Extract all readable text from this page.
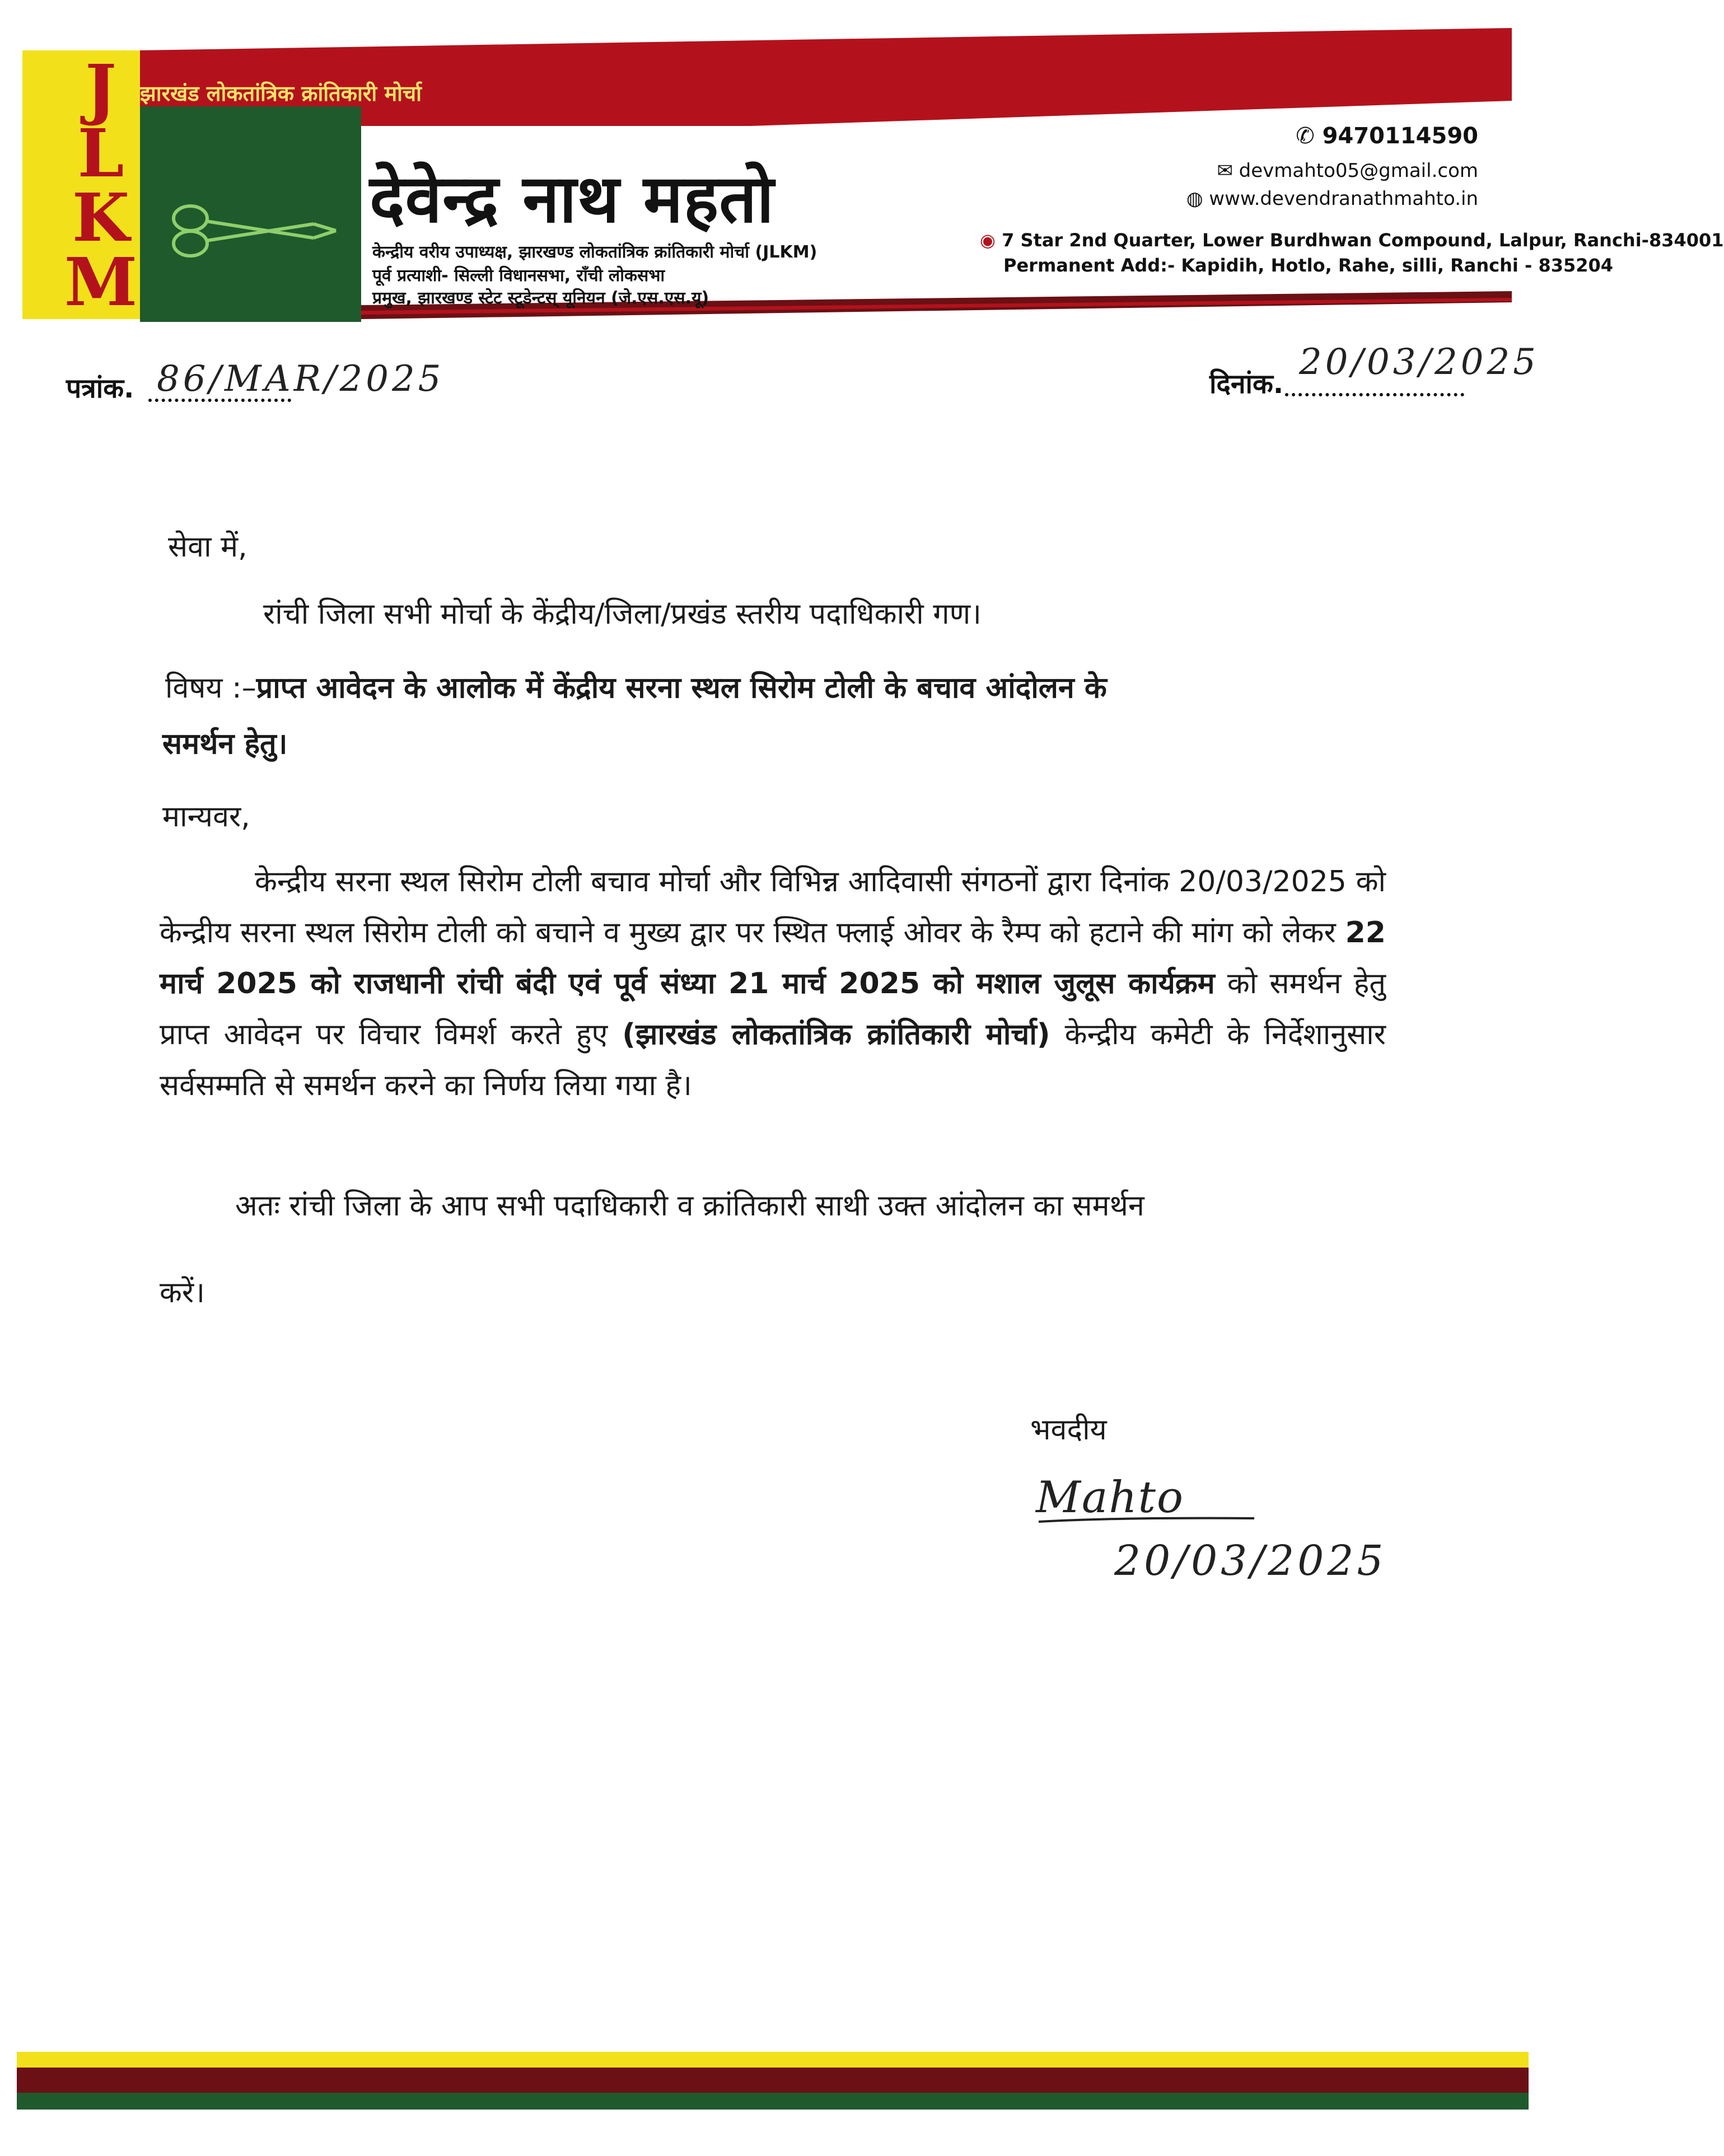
J
L
K
M
झारखंड लोकतांत्रिक क्रांतिकारी मोर्चा
देवेन्द्र नाथ महतो
केन्द्रीय वरीय उपाध्यक्ष, झारखण्ड लोकतांत्रिक क्रांतिकारी मोर्चा (JLKM)
पूर्व प्रत्याशी- सिल्ली विधानसभा, राँची लोकसभा
प्रमुख, झारखण्ड स्टेट स्टूडेन्टस् यूनियन (जे.एस.एस.यू)
✆ 9470114590
✉ devmahto05@gmail.com
◍ www.devendranathmahto.in
◉ 7 Star 2nd Quarter, Lower Burdhwan Compound, Lalpur, Ranchi-834001
Permanent Add:- Kapidih, Hotlo, Rahe, silli, Ranchi - 835204
पत्रांक. 86/MAR/2025	दिनांक.
20/03/2025
सेवा में,
रांची जिला सभी मोर्चा के केंद्रीय/जिला/प्रखंड स्तरीय पदाधिकारी गण।
विषय :–प्राप्त आवेदन के आलोक में केंद्रीय सरना स्थल सिरोम टोली के बचाव आंदोलन के
समर्थन हेतु।
मान्यवर,
केन्द्रीय सरना स्थल सिरोम टोली बचाव मोर्चा और विभिन्न आदिवासी संगठनों द्वारा दिनांक 20/03/2025 को केन्द्रीय सरना स्थल सिरोम टोली को बचाने व मुख्य द्वार पर स्थित फ्लाई ओवर के रैम्प को हटाने की मांग को लेकर 22 मार्च 2025 को राजधानी रांची बंदी एवं पूर्व संध्या 21 मार्च 2025 को मशाल जुलूस कार्यक्रम को समर्थन हेतु प्राप्त आवेदन पर विचार विमर्श करते हुए (झारखंड लोकतांत्रिक क्रांतिकारी मोर्चा) केन्द्रीय कमेटी के निर्देशानुसार सर्वसम्मति से समर्थन करने का निर्णय लिया गया है।
अतः रांची जिला के आप सभी पदाधिकारी व क्रांतिकारी साथी उक्त आंदोलन का समर्थन
करें।
भवदीय
Mahto
20/03/2025
